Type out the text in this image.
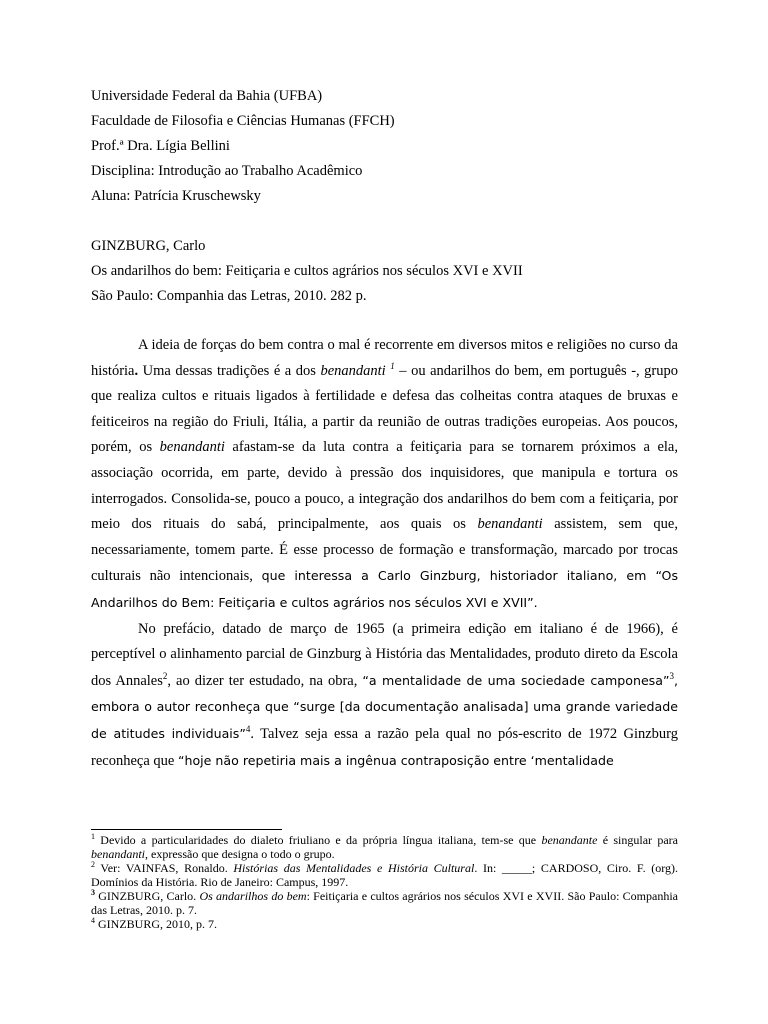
Universidade Federal da Bahia (UFBA)
Faculdade de Filosofia e Ciências Humanas (FFCH)
Prof.ª Dra. Lígia Bellini
Disciplina: Introdução ao Trabalho Acadêmico
Aluna: Patrícia Kruschewsky
GINZBURG, Carlo
Os andarilhos do bem: Feitiçaria e cultos agrários nos séculos XVI e XVII
São Paulo: Companhia das Letras, 2010. 282 p.

A ideia de forças do bem contra o mal é recorrente em diversos mitos e religiões no curso da história. Uma dessas tradições é a dos benandanti $^1$ – ou andarilhos do bem, em português -, grupo que realiza cultos e rituais ligados à fertilidade e defesa das colheitas contra ataques de bruxas e feiticeiros na região do Friuli, Itália, a partir da reunião de outras tradições europeias. Aos poucos, porém, os benandanti afastam-se da luta contra a feitiçaria para se tornarem próximos a ela, associação ocorrida, em parte, devido à pressão dos inquisidores, que manipula e tortura os interrogados. Consolida-se, pouco a pouco, a integração dos andarilhos do bem com a feitiçaria, por meio dos rituais do sabá, principalmente, aos quais os benandanti assistem, sem que, necessariamente, tomem parte. É esse processo de formação e transformação, marcado por trocas culturais não intencionais, que interessa a Carlo Ginzburg, historiador italiano, em “Os Andarilhos do Bem: Feitiçaria e cultos agrários nos séculos XVI e XVII”.

No prefácio, datado de março de 1965 (a primeira edição em italiano é de 1966), é perceptível o alinhamento parcial de Ginzburg à História das Mentalidades, produto direto da Escola dos Annales$^2$, ao dizer ter estudado, na obra, “a mentalidade de uma sociedade camponesa”$^3$, embora o autor reconheça que “surge [da documentação analisada] uma grande variedade de atitudes individuais”$^4$. Talvez seja essa a razão pela qual no pós-escrito de 1972 Ginzburg reconheça que “hoje não repetiria mais a ingênua contraposição entre ‘mentalidade

$^1$ Devido a particularidades do dialeto friuliano e da própria língua italiana, tem-se que benandante é singular para benandanti, expressão que designa o todo o grupo.

$^2$ Ver: VAINFAS, Ronaldo. Histórias das Mentalidades e História Cultural. In: _____; CARDOSO, Ciro. F. (org). Domínios da História. Rio de Janeiro: Campus, 1997.

$^3$ GINZBURG, Carlo. Os andarilhos do bem: Feitiçaria e cultos agrários nos séculos XVI e XVII. São Paulo: Companhia das Letras, 2010. p. 7.

$^4$ GINZBURG, 2010, p. 7.
